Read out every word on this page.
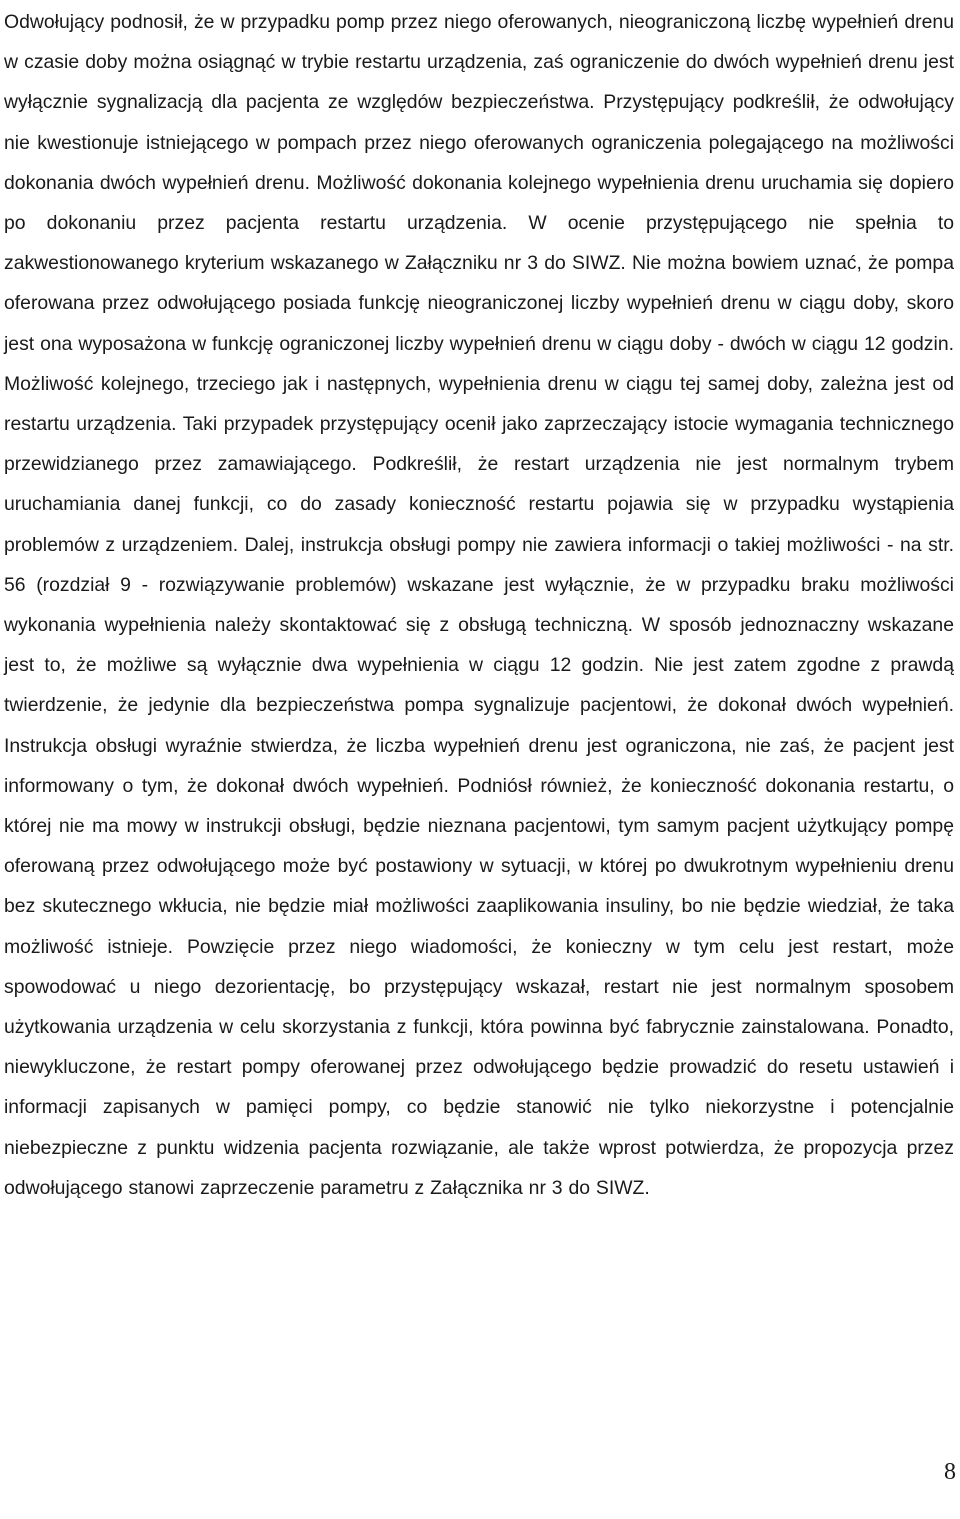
Odwołujący podnosił, że w przypadku pomp przez niego oferowanych, nieograniczoną liczbę wypełnień drenu w czasie doby można osiągnąć w trybie restartu urządzenia, zaś ograniczenie do dwóch wypełnień drenu jest wyłącznie sygnalizacją dla pacjenta ze względów bezpieczeństwa. Przystępujący podkreślił, że odwołujący nie kwestionuje istniejącego w pompach przez niego oferowanych ograniczenia polegającego na możliwości dokonania dwóch wypełnień drenu. Możliwość dokonania kolejnego wypełnienia drenu uruchamia się dopiero po dokonaniu przez pacjenta restartu urządzenia. W ocenie przystępującego nie spełnia to zakwestionowanego kryterium wskazanego w Załączniku nr 3 do SIWZ. Nie można bowiem uznać, że pompa oferowana przez odwołującego posiada funkcję nieograniczonej liczby wypełnień drenu w ciągu doby, skoro jest ona wyposażona w funkcję ograniczonej liczby wypełnień drenu w ciągu doby - dwóch w ciągu 12 godzin. Możliwość kolejnego, trzeciego jak i następnych, wypełnienia drenu w ciągu tej samej doby, zależna jest od restartu urządzenia. Taki przypadek przystępujący ocenił jako zaprzeczający istocie wymagania technicznego przewidzianego przez zamawiającego. Podkreślił, że restart urządzenia nie jest normalnym trybem uruchamiania danej funkcji, co do zasady konieczność restartu pojawia się w przypadku wystąpienia problemów z urządzeniem. Dalej, instrukcja obsługi pompy nie zawiera informacji o takiej możliwości - na str. 56 (rozdział 9 - rozwiązywanie problemów) wskazane jest wyłącznie, że w przypadku braku możliwości wykonania wypełnienia należy skontaktować się z obsługą techniczną. W sposób jednoznaczny wskazane jest to, że możliwe są wyłącznie dwa wypełnienia w ciągu 12 godzin. Nie jest zatem zgodne z prawdą twierdzenie, że jedynie dla bezpieczeństwa pompa sygnalizuje pacjentowi, że dokonał dwóch wypełnień. Instrukcja obsługi wyraźnie stwierdza, że liczba wypełnień drenu jest ograniczona, nie zaś, że pacjent jest informowany o tym, że dokonał dwóch wypełnień. Podniósł również, że konieczność dokonania restartu, o której nie ma mowy w instrukcji obsługi, będzie nieznana pacjentowi, tym samym pacjent użytkujący pompę oferowaną przez odwołującego może być postawiony w sytuacji, w której po dwukrotnym wypełnieniu drenu bez skutecznego wkłucia, nie będzie miał możliwości zaaplikowania insuliny, bo nie będzie wiedział, że taka możliwość istnieje. Powzięcie przez niego wiadomości, że konieczny w tym celu jest restart, może spowodować u niego dezorientację, bo przystępujący wskazał, restart nie jest normalnym sposobem użytkowania urządzenia w celu skorzystania z funkcji, która powinna być fabrycznie zainstalowana. Ponadto, niewykluczone, że restart pompy oferowanej przez odwołującego będzie prowadzić do resetu ustawień i informacji zapisanych w pamięci pompy, co będzie stanowić nie tylko niekorzystne i potencjalnie niebezpieczne z punktu widzenia pacjenta rozwiązanie, ale także wprost potwierdza, że propozycja przez odwołującego stanowi zaprzeczenie parametru z Załącznika nr 3 do SIWZ.

8
